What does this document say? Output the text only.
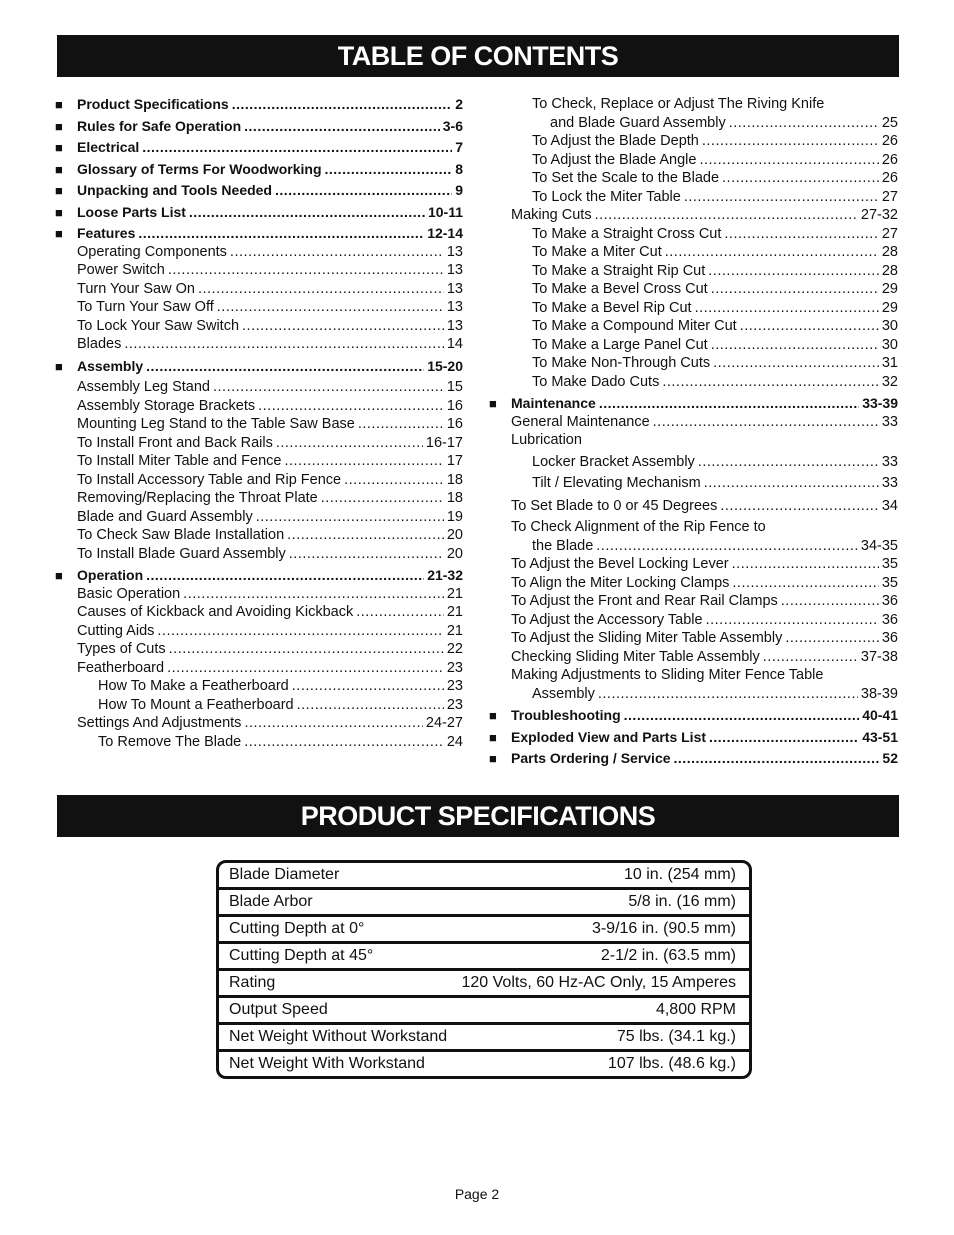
TABLE OF CONTENTS
■	Product Specifications .....	2
■	Rules for Safe Operation .....	3-6
■	Electrical .....	7
■	Glossary of Terms For Woodworking .....	8
■	Unpacking and Tools Needed .....	9
■	Loose Parts List .....	10-11
■	Features .....	12-14
Operating Components .....	13
Power Switch .....	13
Turn Your Saw On .....	13
To Turn Your Saw Off .....	13
To Lock Your Saw Switch .....	13
Blades .....	14
■	Assembly .....	15-20
Assembly Leg Stand .....	15
Assembly Storage Brackets .....	16
Mounting Leg Stand to the Table Saw Base .....	16
To Install Front and Back Rails .....	16-17
To Install Miter Table and Fence .....	17
To Install Accessory Table and Rip Fence .....	18
Removing/Replacing the Throat Plate .....	18
Blade and Guard Assembly .....	19
To Check Saw Blade Installation .....	20
To Install Blade Guard Assembly .....	20
■	Operation .....	21-32
Basic Operation .....	21
Causes of Kickback and Avoiding Kickback .....	21
Cutting Aids .....	21
Types of Cuts .....	22
Featherboard .....	23
How To Make a Featherboard .....	23
How To Mount a Featherboard .....	23
Settings And Adjustments .....	24-27
To Remove The Blade .....	24
To Check, Replace or Adjust The Riving Knife
and Blade Guard Assembly .....	25
To Adjust the Blade Depth .....	26
To Adjust the Blade Angle .....	26
To Set the Scale to the Blade .....	26
To Lock the Miter Table .....	27
Making Cuts .....	27-32
To Make a Straight Cross Cut .....	27
To Make a Miter Cut .....	28
To Make a Straight Rip Cut .....	28
To Make a Bevel Cross Cut .....	29
To Make a Bevel Rip Cut .....	29
To Make a Compound Miter Cut .....	30
To Make a Large Panel Cut .....	30
To Make Non-Through Cuts .....	31
To Make Dado Cuts .....	32
■	Maintenance .....	33-39
General Maintenance .....	33
Lubrication
Locker Bracket Assembly .....	33
Tilt / Elevating Mechanism .....	33
To Set Blade to 0 or 45 Degrees .....	34
To Check Alignment of the Rip Fence to
the Blade .....	34-35
To Adjust the Bevel Locking Lever .....	35
To Align the Miter Locking Clamps .....	35
To Adjust the Front and Rear Rail Clamps .....	36
To Adjust the Accessory Table .....	36
To Adjust the Sliding Miter Table Assembly .....	36
Checking Sliding Miter Table Assembly .....	37-38
Making Adjustments to Sliding Miter Fence Table
Assembly .....	38-39
■	Troubleshooting .....	40-41
■	Exploded View and Parts List .....	43-51
■	Parts Ordering / Service .....	52
PRODUCT SPECIFICATIONS
Blade Diameter	10 in. (254 mm)
Blade Arbor	5/8 in. (16 mm)
Cutting Depth at 0°	3-9/16 in. (90.5 mm)
Cutting Depth at 45°	2-1/2 in. (63.5 mm)
Rating	120 Volts, 60 Hz-AC Only, 15 Amperes
Output Speed	4,800 RPM
Net Weight Without Workstand	75 lbs. (34.1 kg.)
Net Weight With Workstand	107 lbs. (48.6 kg.)
Page 2
